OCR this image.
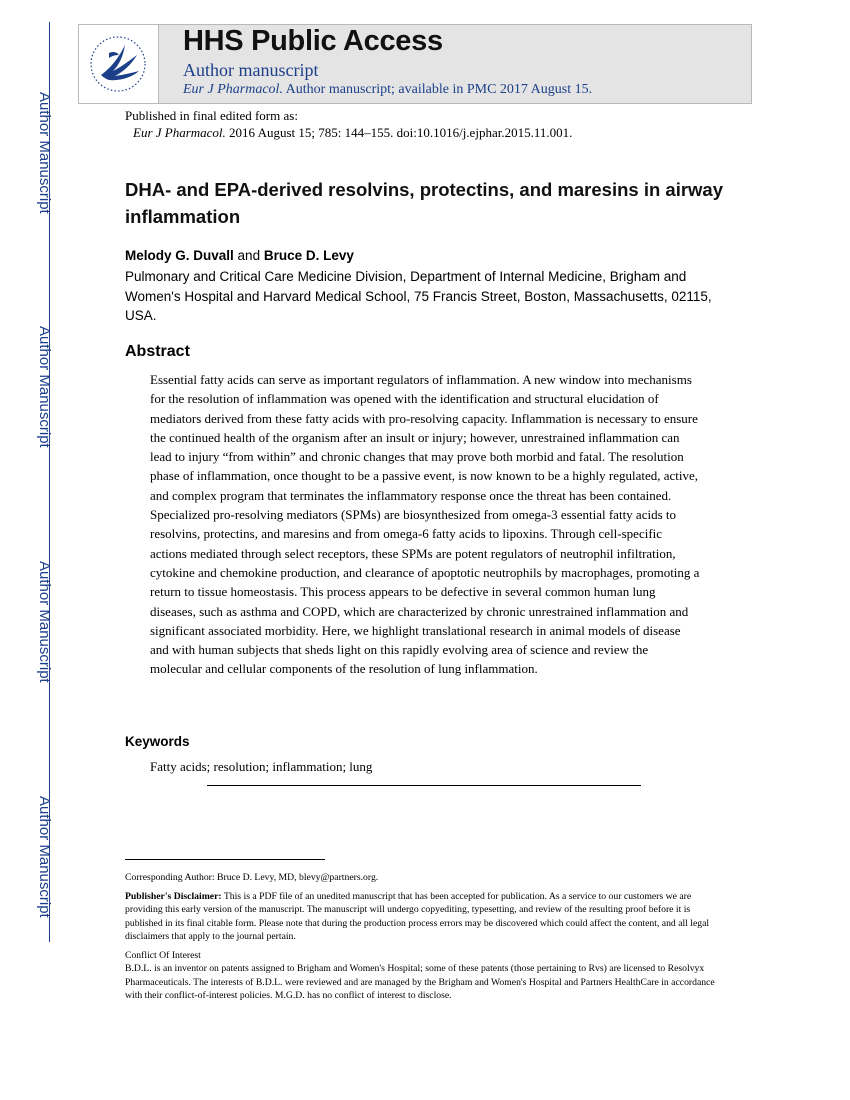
Author Manuscript
Author Manuscript
Author Manuscript
Author Manuscript
HHS Public Access
Author manuscript
Eur J Pharmacol. Author manuscript; available in PMC 2017 August 15.
Published in final edited form as:
Eur J Pharmacol. 2016 August 15; 785: 144–155. doi:10.1016/j.ejphar.2015.11.001.
DHA- and EPA-derived resolvins, protectins, and maresins in airway inflammation
Melody G. Duvall and Bruce D. Levy
Pulmonary and Critical Care Medicine Division, Department of Internal Medicine, Brigham and Women's Hospital and Harvard Medical School, 75 Francis Street, Boston, Massachusetts, 02115, USA.
Abstract
Essential fatty acids can serve as important regulators of inflammation. A new window into mechanisms for the resolution of inflammation was opened with the identification and structural elucidation of mediators derived from these fatty acids with pro-resolving capacity. Inflammation is necessary to ensure the continued health of the organism after an insult or injury; however, unrestrained inflammation can lead to injury “from within” and chronic changes that may prove both morbid and fatal. The resolution phase of inflammation, once thought to be a passive event, is now known to be a highly regulated, active, and complex program that terminates the inflammatory response once the threat has been contained. Specialized pro-resolving mediators (SPMs) are biosynthesized from omega-3 essential fatty acids to resolvins, protectins, and maresins and from omega-6 fatty acids to lipoxins. Through cell-specific actions mediated through select receptors, these SPMs are potent regulators of neutrophil infiltration, cytokine and chemokine production, and clearance of apoptotic neutrophils by macrophages, promoting a return to tissue homeostasis. This process appears to be defective in several common human lung diseases, such as asthma and COPD, which are characterized by chronic unrestrained inflammation and significant associated morbidity. Here, we highlight translational research in animal models of disease and with human subjects that sheds light on this rapidly evolving area of science and review the molecular and cellular components of the resolution of lung inflammation.
Keywords
Fatty acids; resolution; inflammation; lung

Corresponding Author: Bruce D. Levy, MD, blevy@partners.org.

Publisher's Disclaimer: This is a PDF file of an unedited manuscript that has been accepted for publication. As a service to our customers we are providing this early version of the manuscript. The manuscript will undergo copyediting, typesetting, and review of the resulting proof before it is published in its final citable form. Please note that during the production process errors may be discovered which could affect the content, and all legal disclaimers that apply to the journal pertain.

Conflict Of Interest

B.D.L. is an inventor on patents assigned to Brigham and Women's Hospital; some of these patents (those pertaining to Rvs) are licensed to Resolvyx Pharmaceuticals. The interests of B.D.L. were reviewed and are managed by the Brigham and Women's Hospital and Partners HealthCare in accordance with their conflict-of-interest policies. M.G.D. has no conflict of interest to disclose.
